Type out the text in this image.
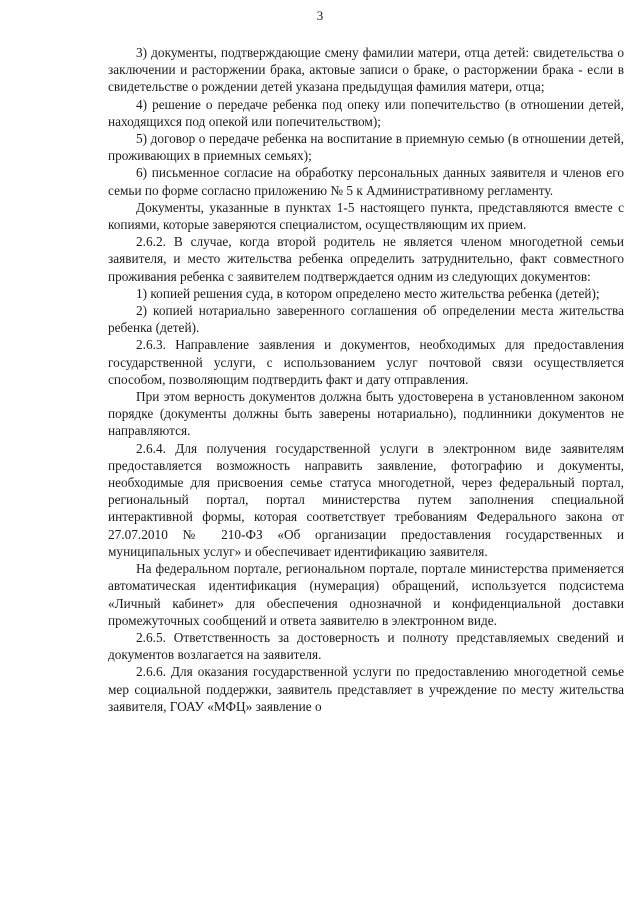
3

3) документы, подтверждающие смену фамилии матери, отца детей: свидетельства о заключении и расторжении брака, актовые записи о браке, о расторжении брака - если в свидетельстве о рождении детей указана предыдущая фамилия матери, отца;

4) решение о передаче ребенка под опеку или попечительство (в отношении детей, находящихся под опекой или попечительством);

5) договор о передаче ребенка на воспитание в приемную семью (в отношении детей, проживающих в приемных семьях);

6) письменное согласие на обработку персональных данных заявителя и членов его семьи по форме согласно приложению № 5 к Административному регламенту.

Документы, указанные в пунктах 1-5 настоящего пункта, представляются вместе с копиями, которые заверяются специалистом, осуществляющим их прием.

2.6.2. В случае, когда второй родитель не является членом многодетной семьи заявителя, и место жительства ребенка определить затруднительно, факт совместного проживания ребенка с заявителем подтверждается одним из следующих документов:

1) копией решения суда, в котором определено место жительства ребенка (детей);

2) копией нотариально заверенного соглашения об определении места жительства ребенка (детей).

2.6.3. Направление заявления и документов, необходимых для предоставления государственной услуги, с использованием услуг почтовой связи осуществляется способом, позволяющим подтвердить факт и дату отправления.

При этом верность документов должна быть удостоверена в установленном законом порядке (документы должны быть заверены нотариально), подлинники документов не направляются.

2.6.4. Для получения государственной услуги в электронном виде заявителям предоставляется возможность направить заявление, фотографию и документы, необходимые для присвоения семье статуса многодетной, через федеральный портал, региональный портал, портал министерства путем заполнения специальной интерактивной формы, которая соответствует требованиям Федерального закона от 27.07.2010 № 210-ФЗ «Об организации предоставления государственных и муниципальных услуг» и обеспечивает идентификацию заявителя.

На федеральном портале, региональном портале, портале министерства применяется автоматическая идентификация (нумерация) обращений, используется подсистема «Личный кабинет» для обеспечения однозначной и конфиденциальной доставки промежуточных сообщений и ответа заявителю в электронном виде.

2.6.5. Ответственность за достоверность и полноту представляемых сведений и документов возлагается на заявителя.

2.6.6. Для оказания государственной услуги по предоставлению многодетной семье мер социальной поддержки, заявитель представляет в учреждение по месту жительства заявителя, ГОАУ «МФЦ» заявление о
